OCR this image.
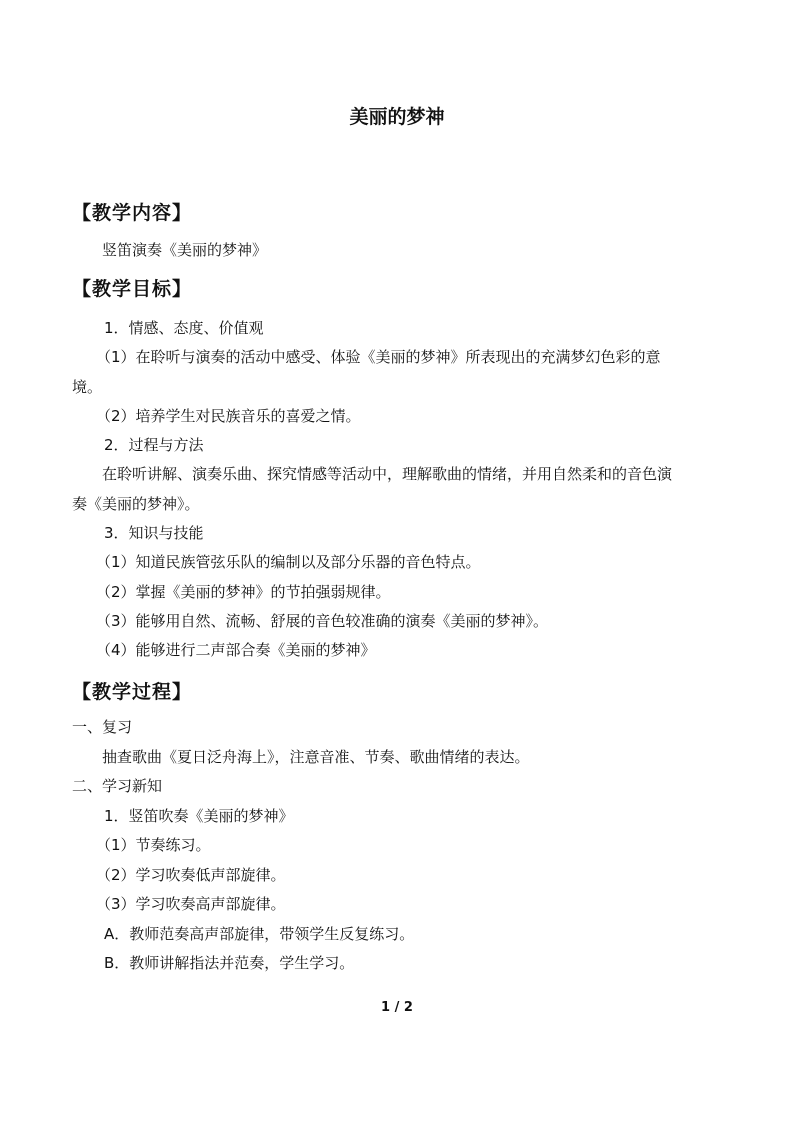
美丽的梦神
【教学内容】
竖笛演奏《美丽的梦神》
【教学目标】
1．情感、态度、价值观
（1）在聆听与演奏的活动中感受、体验《美丽的梦神》所表现出的充满梦幻色彩的意
境。
（2）培养学生对民族音乐的喜爱之情。
2．过程与方法
在聆听讲解、演奏乐曲、探究情感等活动中，理解歌曲的情绪，并用自然柔和的音色演
奏《美丽的梦神》。
3．知识与技能
（1）知道民族管弦乐队的编制以及部分乐器的音色特点。
（2）掌握《美丽的梦神》的节拍强弱规律。
（3）能够用自然、流畅、舒展的音色较准确的演奏《美丽的梦神》。
（4）能够进行二声部合奏《美丽的梦神》
【教学过程】
一、复习
抽查歌曲《夏日泛舟海上》，注意音准、节奏、歌曲情绪的表达。
二、学习新知
1．竖笛吹奏《美丽的梦神》
（1）节奏练习。
（2）学习吹奏低声部旋律。
（3）学习吹奏高声部旋律。
A．教师范奏高声部旋律，带领学生反复练习。
B．教师讲解指法并范奏，学生学习。
1 / 2
